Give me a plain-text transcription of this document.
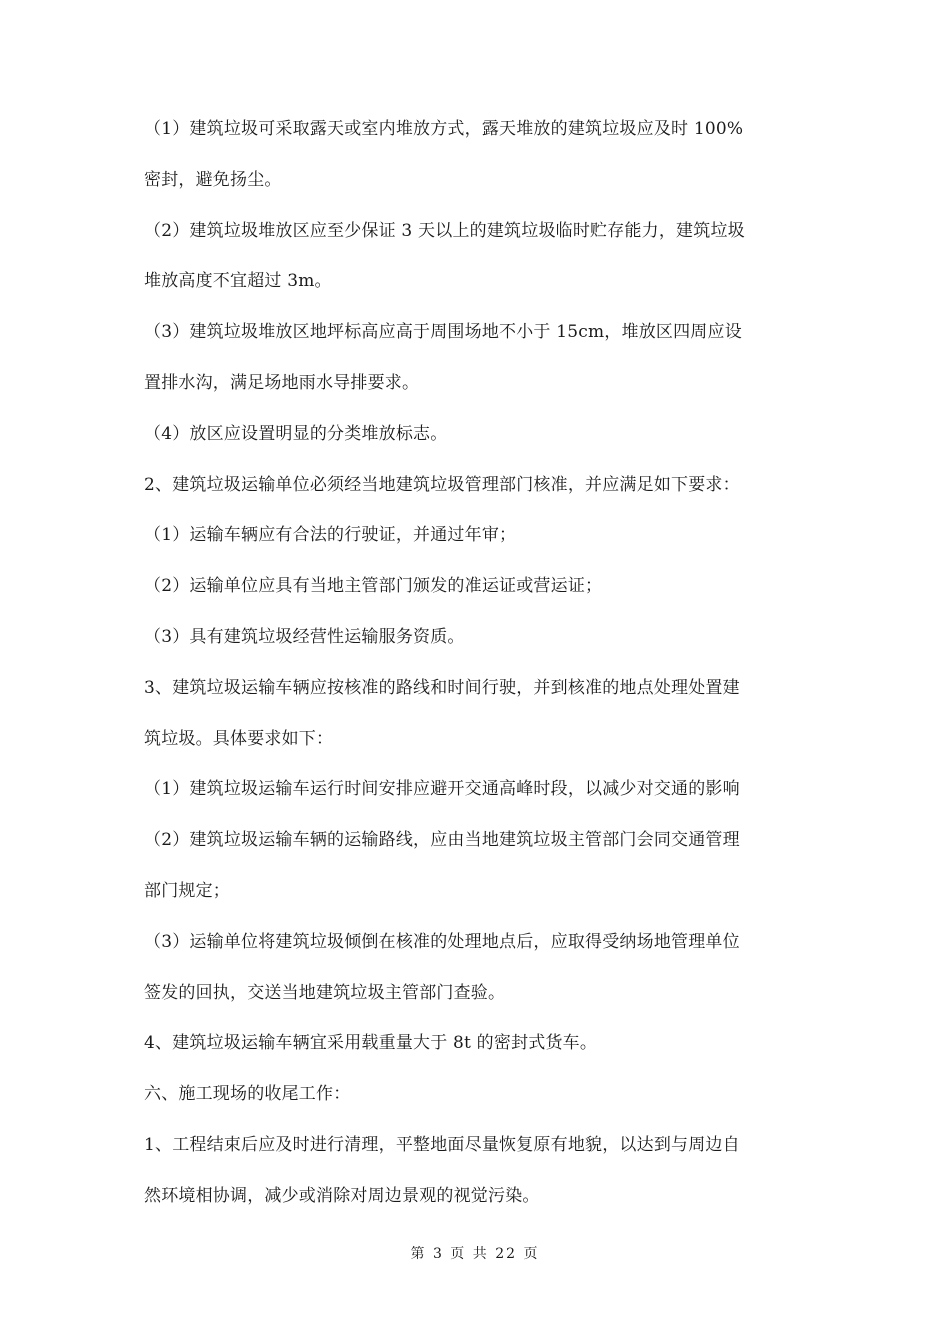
（1）建筑垃圾可采取露天或室内堆放方式，露天堆放的建筑垃圾应及时 100%
密封，避免扬尘。
（2）建筑垃圾堆放区应至少保证 3 天以上的建筑垃圾临时贮存能力，建筑垃圾
堆放高度不宜超过 3m。
（3）建筑垃圾堆放区地坪标高应高于周围场地不小于 15cm，堆放区四周应设
置排水沟，满足场地雨水导排要求。
（4）放区应设置明显的分类堆放标志。
2、建筑垃圾运输单位必须经当地建筑垃圾管理部门核准，并应满足如下要求：
（1）运输车辆应有合法的行驶证，并通过年审；
（2）运输单位应具有当地主管部门颁发的准运证或营运证；
（3）具有建筑垃圾经营性运输服务资质。
3、建筑垃圾运输车辆应按核准的路线和时间行驶，并到核准的地点处理处置建
筑垃圾。具体要求如下：
（1）建筑垃圾运输车运行时间安排应避开交通高峰时段，以减少对交通的影响
（2）建筑垃圾运输车辆的运输路线，应由当地建筑垃圾主管部门会同交通管理
部门规定；
（3）运输单位将建筑垃圾倾倒在核准的处理地点后，应取得受纳场地管理单位
签发的回执，交送当地建筑垃圾主管部门查验。
4、建筑垃圾运输车辆宜采用载重量大于 8t 的密封式货车。
六、施工现场的收尾工作：
1、工程结束后应及时进行清理，平整地面尽量恢复原有地貌，以达到与周边自
然环境相协调，减少或消除对周边景观的视觉污染。
第 3 页 共 22 页
